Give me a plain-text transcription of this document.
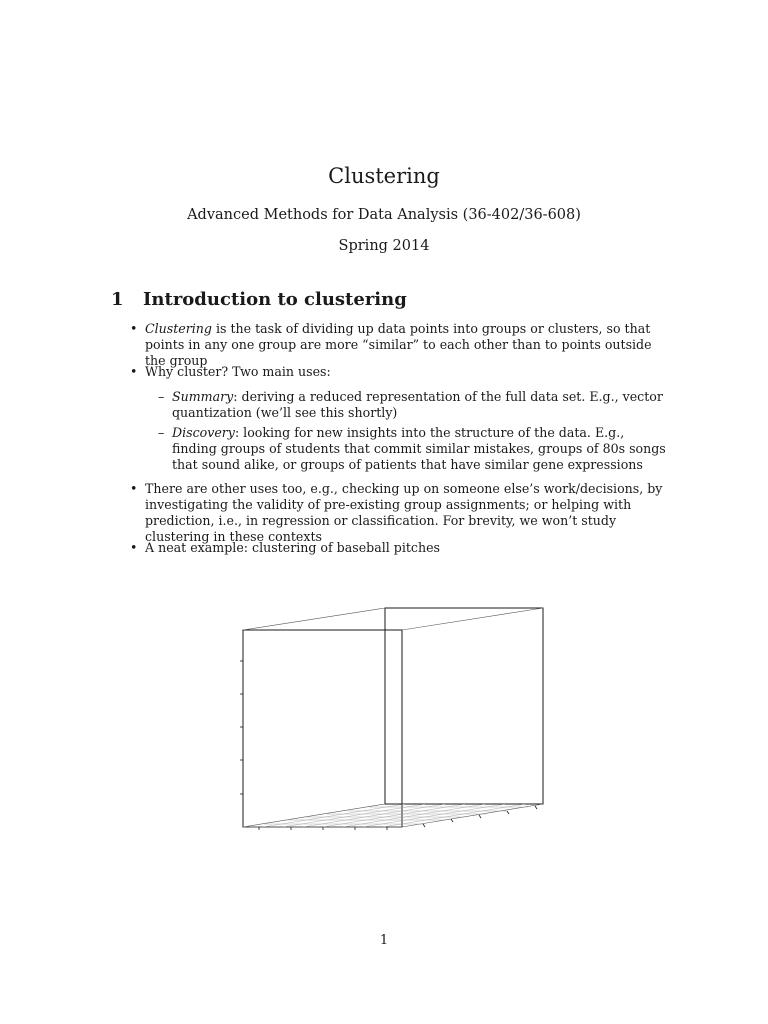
Clustering
Advanced Methods for Data Analysis (36-402/36-608)
Spring 2014
1 Introduction to clustering
• Clustering is the task of dividing up data points into groups or clusters, so that points in any one group are more “similar” to each other than to points outside the group
• Why cluster? Two main uses:
– Summary: deriving a reduced representation of the full data set. E.g., vector quantization (we’ll see this shortly)
– Discovery: looking for new insights into the structure of the data. E.g., finding groups of students that commit similar mistakes, groups of 80s songs that sound alike, or groups of patients that have similar gene expressions
• There are other uses too, e.g., checking up on someone else’s work/decisions, by investigating the validity of pre-existing group assignments; or helping with prediction, i.e., in regression or classification. For brevity, we won’t study clustering in these contexts
• A neat example: clustering of baseball pitches
1
